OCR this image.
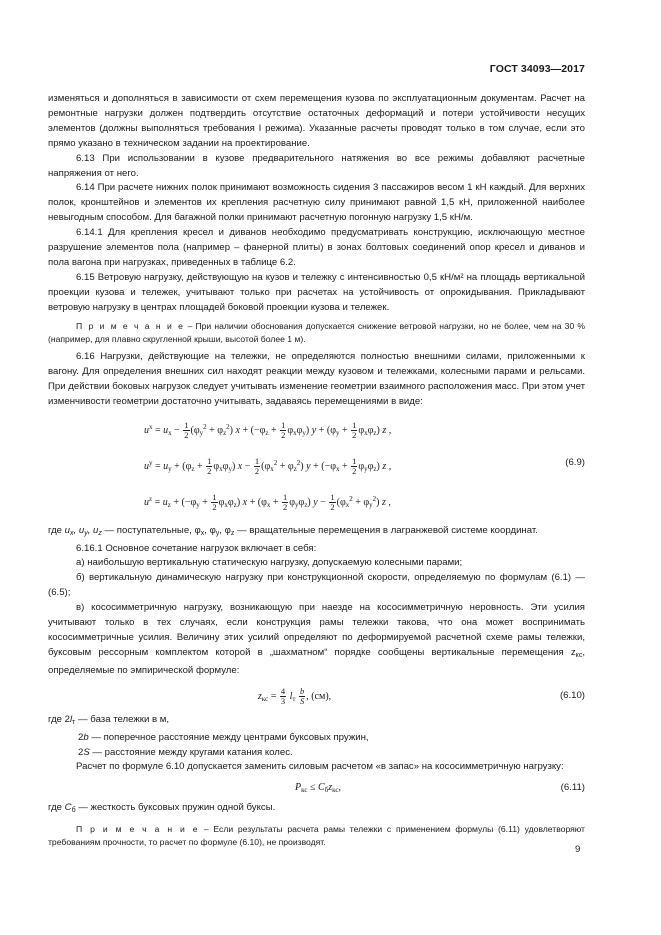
ГОСТ 34093—2017

изменяться и дополняться в зависимости от схем перемещения кузова по эксплуатационным документам. Расчет на ремонтные нагрузки должен подтвердить отсутствие остаточных деформаций и потери устойчивости несущих элементов (должны выполняться требования I режима). Указанные расчеты проводят только в том случае, если это прямо указано в техническом задании на проектирование.

6.13 При использовании в кузове предварительного натяжения во все режимы добавляют расчетные напряжения от него.

6.14 При расчете нижних полок принимают возможность сидения 3 пассажиров весом 1 кН каждый. Для верхних полок, кронштейнов и элементов их крепления расчетную силу принимают равной 1,5 кН, приложенной наиболее невыгодным способом. Для багажной полки принимают расчетную погонную нагрузку 1,5 кН/м.

6.14.1 Для крепления кресел и диванов необходимо предусматривать конструкцию, исключающую местное разрушение элементов пола (например – фанерной плиты) в зонах болтовых соединений опор кресел и диванов и пола вагона при нагрузках, приведенных в таблице 6.2.

6.15 Ветровую нагрузку, действующую на кузов и тележку с интенсивностью 0,5 кН/м² на площадь вертикальной проекции кузова и тележек, учитывают только при расчетах на устойчивость от опрокидывания. Прикладывают ветровую нагрузку в центрах площадей боковой проекции кузова и тележек.

П р и м е ч а н и е – При наличии обоснования допускается снижение ветровой нагрузки, но не более, чем на 30 % (например, для плавно скругленной крыши, высотой более 1 м).

6.16 Нагрузки, действующие на тележки, не определяются полностью внешними силами, приложенными к вагону. Для определения внешних сил находят реакции между кузовом и тележками, колесными парами и рельсами. При действии боковых нагрузок следует учитывать изменение геометрии взаимного расположения масс. При этом учет изменчивости геометрии достаточно учитывать, задаваясь перемещениями в виде:

$u^x = u_x - \frac{1}{2} (\varphi_y^2 + \varphi_z^2) x + (-\varphi_z + \frac{1}{2} \varphi_x\varphi_y) y + (\varphi_y + \frac{1}{2} \varphi_x\varphi_z)$ z ,
$u^y = u_y + (\varphi_z + \frac{1}{2} \varphi_x\varphi_y) x - \frac{1}{2} (\varphi_x^2 + \varphi_z^2) y + (-\varphi_x + \frac{1}{2} \varphi_y\varphi_z)$ z ,	(6.9)
$u^z = u_z + (-\varphi_y + \frac{1}{2} \varphi_x\varphi_z) x + (\varphi_x + \frac{1}{2} \varphi_y\varphi_z) y - \frac{1}{2} (\varphi_x^2 + \varphi_y^2)$ z ,

где $u_x$, $u_y$, $u_z$ — поступательные, $\varphi_x$, $\varphi_y$, $\varphi_z$ — вращательные перемещения в лагранжевой системе координат.

6.16.1 Основное сочетание нагрузок включает в себя:

а) наибольшую вертикальную статическую нагрузку, допускаемую колесными парами;

б) вертикальную динамическую нагрузку при конструкционной скорости, определяемую по формулам (6.1) — (6.5);

в) кососимметричную нагрузку, возникающую при наезде на кососимметричную неровность. Эти усилия учитывают только в тех случаях, если конструкция рамы тележки такова, что она может воспринимать кососимметричные усилия. Величину этих усилий определяют по деформируемой расчетной схеме рамы тележки, буксовым рессорным комплектом которой в „шахматном“ порядке сообщены вертикальные перемещения $z_{кс}$, определяемые по эмпирической формуле:

$z_{кс} = \frac{4}{3} l_т \frac{b}{S}$ , (см),	(6.10)

где $2l_т$ — база тележки в м,

2b — поперечное расстояние между центрами буксовых пружин,

2S — расстояние между кругами катания колес.

Расчет по формуле 6.10 допускается заменить силовым расчетом «в запас» на кососимметричную нагрузку:

$P_{кс} \le C_бz_{кс}$,	(6.11)

где $C_б$ — жесткость буксовых пружин одной буксы.

П р и м е ч а н и е – Если результаты расчета рамы тележки с применением формулы (6.11) удовлетворяют требованиям прочности, то расчет по формуле (6.10), не производят.

9
